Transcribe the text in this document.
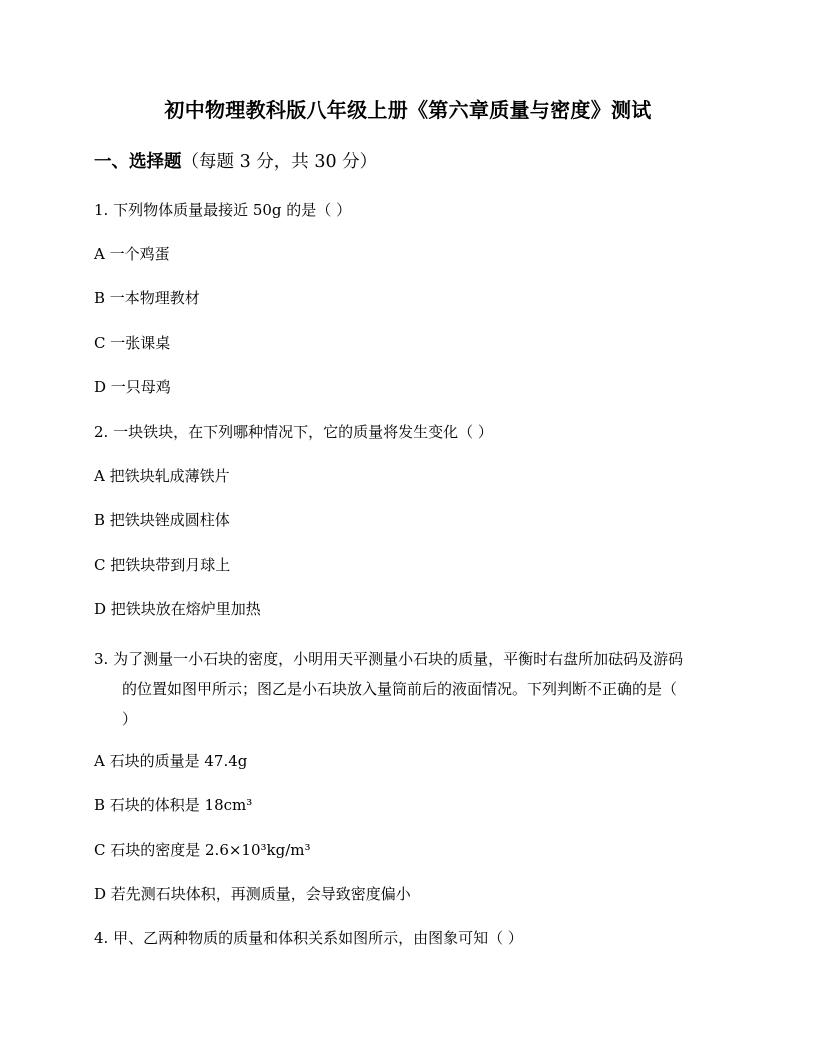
初中物理教科版八年级上册《第六章质量与密度》测试
一、选择题（每题 3 分，共 30 分）

1. 下列物体质量最接近 50g 的是（ ）

A 一个鸡蛋

B 一本物理教材

C 一张课桌

D 一只母鸡

2. 一块铁块，在下列哪种情况下，它的质量将发生变化（ ）

A 把铁块轧成薄铁片

B 把铁块锉成圆柱体

C 把铁块带到月球上

D 把铁块放在熔炉里加热

3. 为了测量一小石块的密度，小明用天平测量小石块的质量，平衡时右盘所加砝码及游码
的位置如图甲所示；图乙是小石块放入量筒前后的液面情况。下列判断不正确的是（
）

A 石块的质量是 47.4g

B 石块的体积是 18cm³

C 石块的密度是 2.6×10³kg/m³

D 若先测石块体积，再测质量，会导致密度偏小

4. 甲、乙两种物质的质量和体积关系如图所示，由图象可知（ ）
